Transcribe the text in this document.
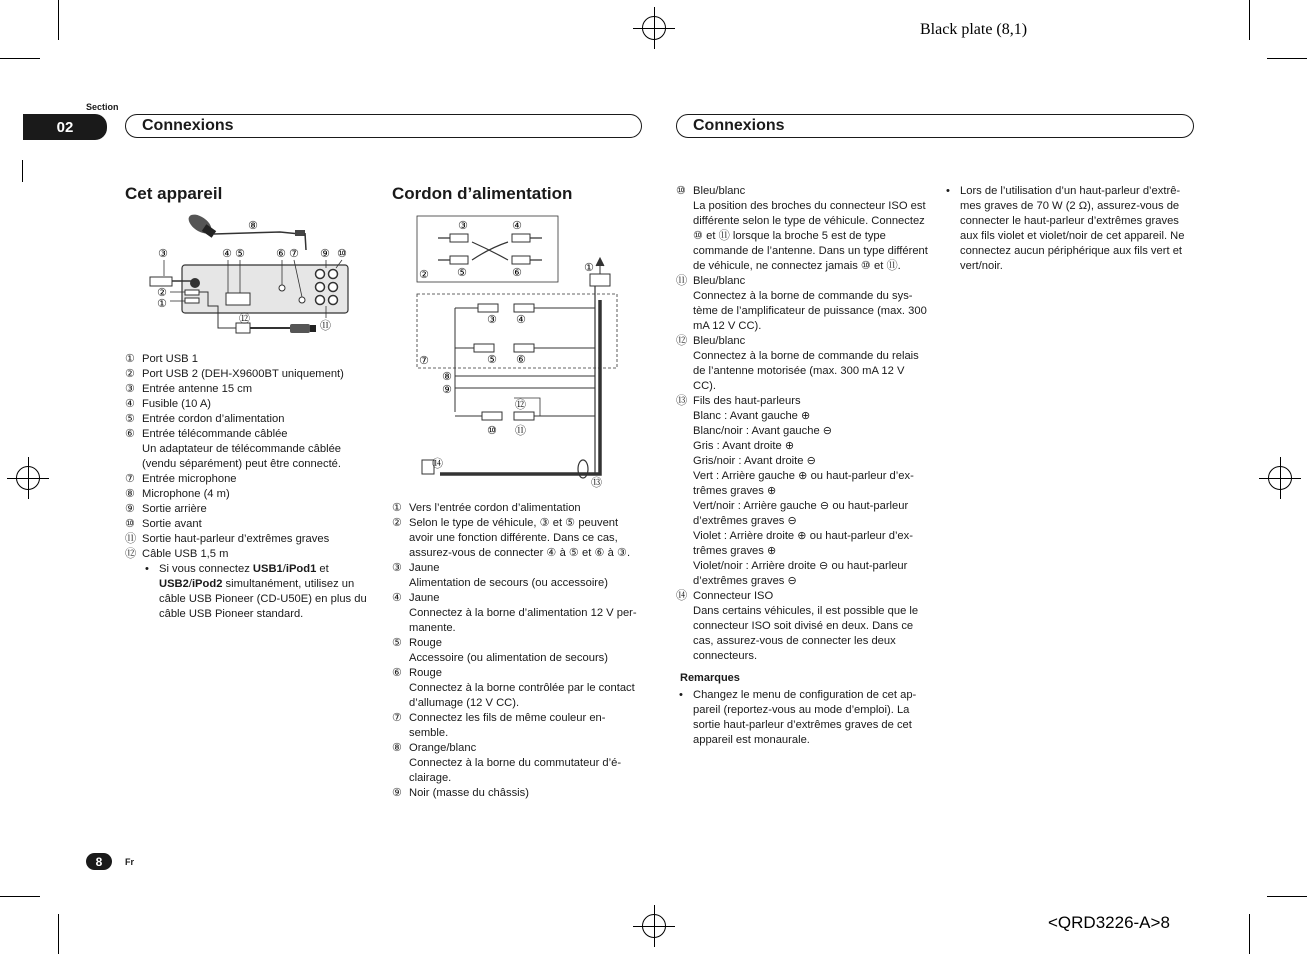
Black plate (8,1)
<QRD3226-A>8
Section
02	Connexions	Connexions
Cet appareil
③
②
①
④ ⑤	⑥ ⑦
⑧
⑨ ⑩
⑪
⑫
① Port USB 1
② Port USB 2 (DEH-X9600BT uniquement)
③ Entrée antenne 15 cm
④ Fusible (10 A)
⑤ Entrée cordon d’alimentation
⑥ Entrée télécommande câblée
Un adaptateur de télécommande câblée (vendu séparément) peut être connecté.
⑦ Entrée microphone
⑧ Microphone (4 m)
⑨ Sortie arrière
⑩ Sortie avant
⑪ Sortie haut-parleur d’extrêmes graves
⑫ Câble USB 1,5 m
• Si vous connectez USB1/iPod1 et USB2/iPod2 simultanément, utilisez un câble USB Pioneer (CD-U50E) en plus du câble USB Pioneer standard.
Cordon d’alimentation
③	④
②	⑤	⑥	①
③ ④
⑦	⑤ ⑥
⑧
⑨
⑫
⑩ ⑪
⑭
⑬
① Vers l’entrée cordon d’alimentation
② Selon le type de véhicule, ③ et ⑤ peuvent avoir une fonction différente. Dans ce cas, assurez-vous de connecter ④ à ⑤ et ⑥ à ③.
③ Jaune
Alimentation de secours (ou accessoire)
④ Jaune
Connectez à la borne d’alimentation 12 V per-manente.
⑤ Rouge
Accessoire (ou alimentation de secours)
⑥ Rouge
Connectez à la borne contrôlée par le contact d’allumage (12 V CC).
⑦ Connectez les fils de même couleur en-semble.
⑧ Orange/blanc
Connectez à la borne du commutateur d’é-clairage.
⑨ Noir (masse du châssis)
⑩ Bleu/blanc
La position des broches du connecteur ISO est différente selon le type de véhicule. Connectez ⑩ et ⑪ lorsque la broche 5 est de type commande de l’antenne. Dans un type différent de véhicule, ne connectez jamais ⑩ et ⑪.
⑪ Bleu/blanc
Connectez à la borne de commande du sys-tème de l’amplificateur de puissance (max. 300 mA 12 V CC).
⑫ Bleu/blanc
Connectez à la borne de commande du relais de l’antenne motorisée (max. 300 mA 12 V CC).
⑬ Fils des haut-parleurs
Blanc : Avant gauche ⊕
Blanc/noir : Avant gauche ⊖
Gris : Avant droite ⊕
Gris/noir : Avant droite ⊖
Vert : Arrière gauche ⊕ ou haut-parleur d’ex-trêmes graves ⊕
Vert/noir : Arrière gauche ⊖ ou haut-parleur d’extrêmes graves ⊖
Violet : Arrière droite ⊕ ou haut-parleur d’ex-trêmes graves ⊕
Violet/noir : Arrière droite ⊖ ou haut-parleur d’extrêmes graves ⊖
⑭ Connecteur ISO
Dans certains véhicules, il est possible que le connecteur ISO soit divisé en deux. Dans ce cas, assurez-vous de connecter les deux connecteurs.
Remarques
• Changez le menu de configuration de cet ap-pareil (reportez-vous au mode d’emploi). La sortie haut-parleur d’extrêmes graves de cet appareil est monaurale.
• Lors de l’utilisation d’un haut-parleur d’extrê-mes graves de 70 W (2 Ω), assurez-vous de connecter le haut-parleur d’extrêmes graves aux fils violet et violet/noir de cet appareil. Ne connectez aucun périphérique aux fils vert et vert/noir.
8	Fr
